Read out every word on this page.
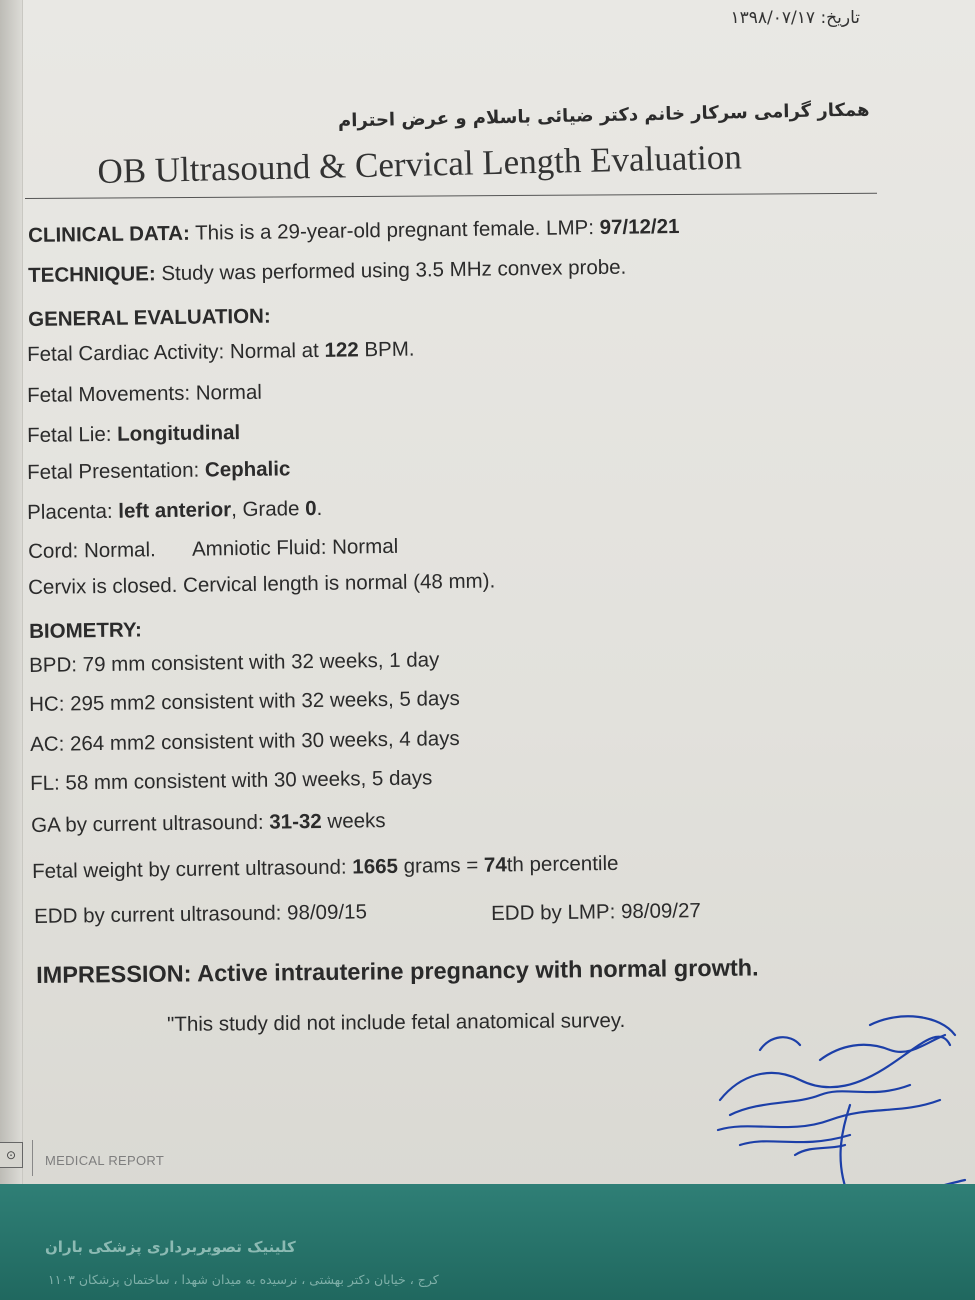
تاریخ: ۱۳۹۸/۰۷/۱۷
همکار گرامی سرکار خانم دکتر ضیائی باسلام و عرض احترام
OB Ultrasound & Cervical Length Evaluation
CLINICAL DATA: This is a 29-year-old pregnant female. LMP: 97/12/21
TECHNIQUE: Study was performed using 3.5 MHz convex probe.
GENERAL EVALUATION:
Fetal Cardiac Activity: Normal at 122 BPM.
Fetal Movements: Normal
Fetal Lie: Longitudinal
Fetal Presentation: Cephalic
Placenta: left anterior, Grade 0.
Cord: Normal. Amniotic Fluid: Normal
Cervix is closed. Cervical length is normal (48 mm).
BIOMETRY:
BPD: 79 mm consistent with 32 weeks, 1 day
HC: 295 mm2 consistent with 32 weeks, 5 days
AC: 264 mm2 consistent with 30 weeks, 4 days
FL: 58 mm consistent with 30 weeks, 5 days
GA by current ultrasound: 31-32 weeks
Fetal weight by current ultrasound: 1665 grams = 74th percentile
EDD by current ultrasound: 98/09/15	EDD by LMP: 98/09/27
IMPRESSION: Active intrauterine pregnancy with normal growth.
"This study did not include fetal anatomical survey.
⊙	MEDICAL REPORT
کلینیک تصویربرداری پزشکی باران
کرج ، خیابان دکتر بهشتی ، نرسیده به میدان شهدا ، ساختمان پزشکان ۱۱۰۳
